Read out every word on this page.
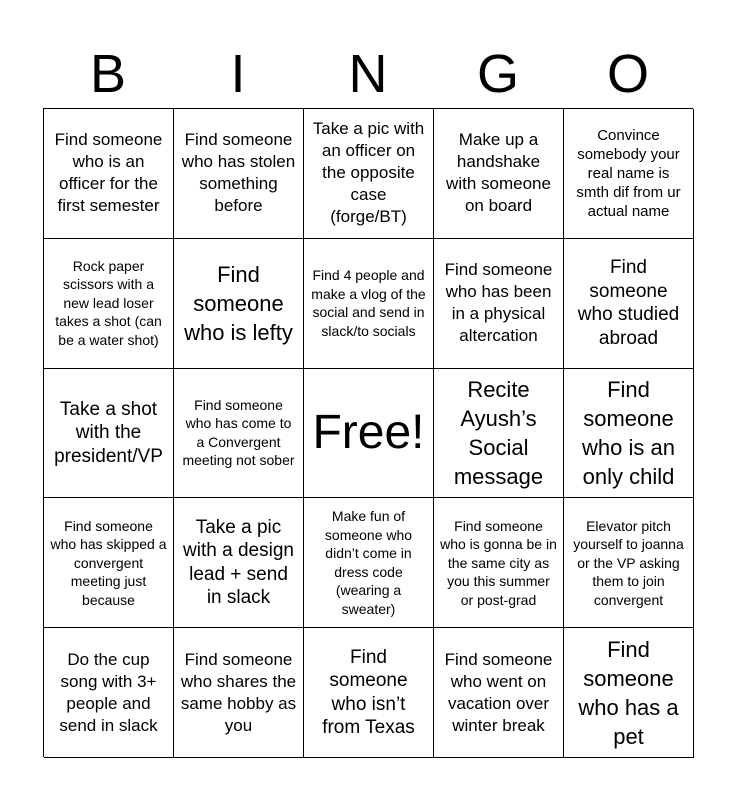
B	I	N	G	O
Find someone who is an officer for the first semester
Find someone who has stolen something before
Take a pic with an officer on the opposite case (forge/BT)
Make up a handshake with someone on board
Convince somebody your real name is smth dif from ur actual name
Rock paper scissors with a new lead loser takes a shot (can be a water shot)
Find someone who is lefty
Find 4 people and make a vlog of the social and send in slack/to socials
Find someone who has been in a physical altercation
Find someone who studied abroad
Take a shot with the president/VP
Find someone who has come to a Convergent meeting not sober
Free!
Recite Ayush’s Social message
Find someone who is an only child
Find someone who has skipped a convergent meeting just because
Take a pic with a design lead + send in slack
Make fun of someone who didn’t come in dress code (wearing a sweater)
Find someone who is gonna be in the same city as you this summer or post-grad
Elevator pitch yourself to joanna or the VP asking them to join convergent
Do the cup song with 3+ people and send in slack
Find someone who shares the same hobby as you
Find someone who isn’t from Texas
Find someone who went on vacation over winter break
Find someone who has a pet
